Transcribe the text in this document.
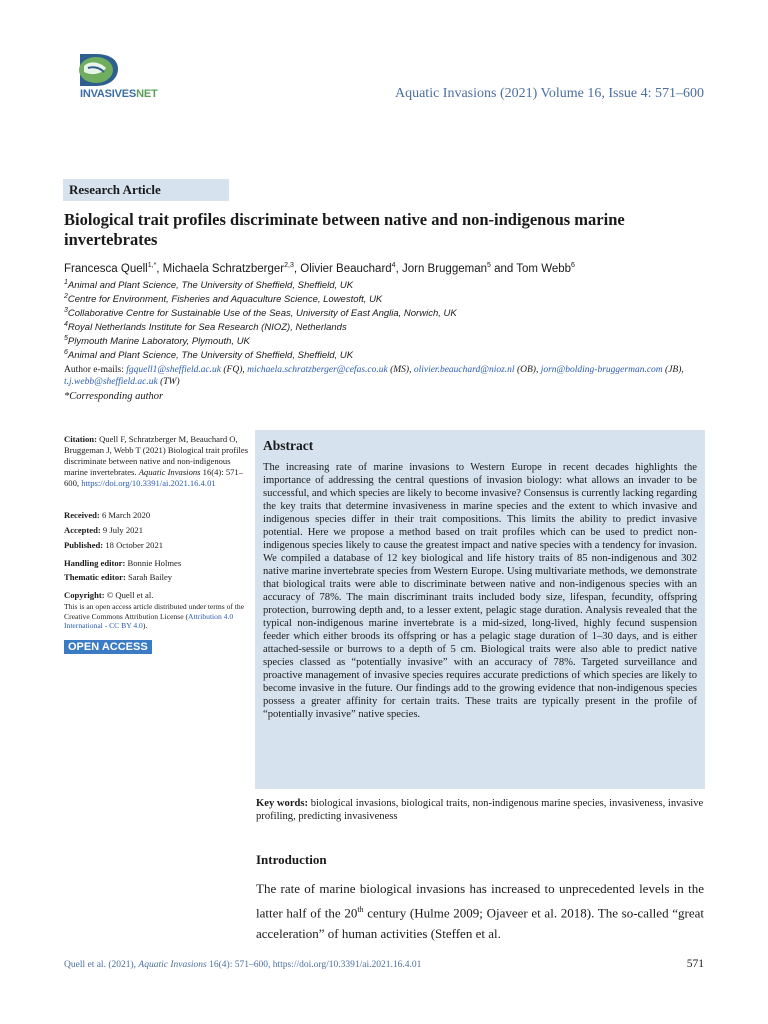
INVASIVESNET	Aquatic Invasions (2021) Volume 16, Issue 4: 571–600
Research Article
Biological trait profiles discriminate between native and non-indigenous marine invertebrates
Francesca Quell$^{1,*}$, Michaela Schratzberger$^{2,3}$, Olivier Beauchard$^4$, Jorn Bruggeman$^5$ and Tom Webb$^6$
$^1$Animal and Plant Science, The University of Sheffield, Sheffield, UK
$^2$Centre for Environment, Fisheries and Aquaculture Science, Lowestoft, UK
$^3$Collaborative Centre for Sustainable Use of the Seas, University of East Anglia, Norwich, UK
$^4$Royal Netherlands Institute for Sea Research (NIOZ), Netherlands
$^5$Plymouth Marine Laboratory, Plymouth, UK
$^6$Animal and Plant Science, The University of Sheffield, Sheffield, UK
Author e-mails: fgquell1@sheffield.ac.uk (FQ), michaela.schratzberger@cefas.co.uk (MS), olivier.beauchard@nioz.nl (OB), jorn@bolding-bruggerman.com (JB), t.j.webb@sheffield.ac.uk (TW)
*Corresponding author
Citation: Quell F, Schratzberger M, Beauchard O, Bruggeman J, Webb T (2021) Biological trait profiles discriminate between native and non-indigenous marine invertebrates. Aquatic Invasions 16(4): 571–600, https://doi.org/10.3391/ai.2021.16.4.01
Received: 6 March 2020
Accepted: 9 July 2021
Published: 18 October 2021
Handling editor: Bonnie Holmes
Thematic editor: Sarah Bailey
Copyright: © Quell et al.
This is an open access article distributed under terms of the Creative Commons Attribution License (Attribution 4.0 International - CC BY 4.0).
OPEN ACCESS
Abstract
The increasing rate of marine invasions to Western Europe in recent decades highlights the importance of addressing the central questions of invasion biology: what allows an invader to be successful, and which species are likely to become invasive? Consensus is currently lacking regarding the key traits that determine invasiveness in marine species and the extent to which invasive and indigenous species differ in their trait compositions. This limits the ability to predict invasive potential. Here we propose a method based on trait profiles which can be used to predict non-indigenous species likely to cause the greatest impact and native species with a tendency for invasion. We compiled a database of 12 key biological and life history traits of 85 non-indigenous and 302 native marine invertebrate species from Western Europe. Using multivariate methods, we demonstrate that biological traits were able to discriminate between native and non-indigenous species with an accuracy of 78%. The main discriminant traits included body size, lifespan, fecundity, offspring protection, burrowing depth and, to a lesser extent, pelagic stage duration. Analysis revealed that the typical non-indigenous marine invertebrate is a mid-sized, long-lived, highly fecund suspension feeder which either broods its offspring or has a pelagic stage duration of 1–30 days, and is either attached-sessile or burrows to a depth of 5 cm. Biological traits were also able to predict native species classed as “potentially invasive” with an accuracy of 78%. Targeted surveillance and proactive management of invasive species requires accurate predictions of which species are likely to become invasive in the future. Our findings add to the growing evidence that non-indigenous species possess a greater affinity for certain traits. These traits are typically present in the profile of “potentially invasive” native species.
Key words: biological invasions, biological traits, non-indigenous marine species, invasiveness, invasive profiling, predicting invasiveness
Introduction
The rate of marine biological invasions has increased to unprecedented levels in the latter half of the 20th century (Hulme 2009; Ojaveer et al. 2018). The so-called “great acceleration” of human activities (Steffen et al.
Quell et al. (2021), Aquatic Invasions 16(4): 571–600, https://doi.org/10.3391/ai.2021.16.4.01	571
